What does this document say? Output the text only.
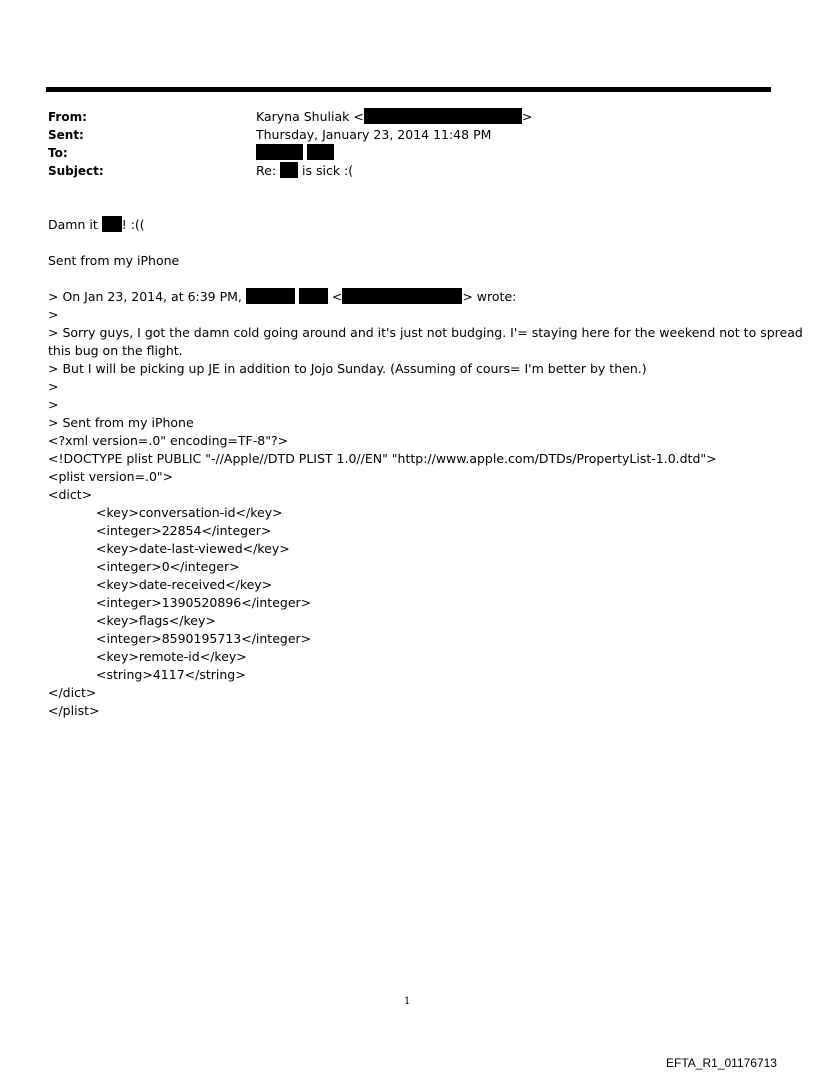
From:	Karyna Shuliak <	>
Sent:	Thursday, January 23, 2014 11:48 PM
To:

Subject:	Re: is sick :(
Damn it ! :((
Sent from my iPhone
> On Jan 23, 2014, at 6:39 PM,	<	> wrote:
>
> Sorry guys, I got the damn cold going around and it's just not budging. I'= staying here for the weekend not to spread
this bug on the flight.
> But I will be picking up JE in addition to Jojo Sunday. (Assuming of cours= I'm better by then.)
>
>
> Sent from my iPhone
<?xml version=.0" encoding=TF-8"?>
<!DOCTYPE plist PUBLIC "-//Apple//DTD PLIST 1.0//EN" "http://www.apple.com/DTDs/PropertyList-1.0.dtd">
<plist version=.0">
<dict>
<key>conversation-id</key>
<integer>22854</integer>
<key>date-last-viewed</key>
<integer>0</integer>
<key>date-received</key>
<integer>1390520896</integer>
<key>flags</key>
<integer>8590195713</integer>
<key>remote-id</key>
<string>4117</string>
</dict>
</plist>
1
EFTA_R1_01176713
